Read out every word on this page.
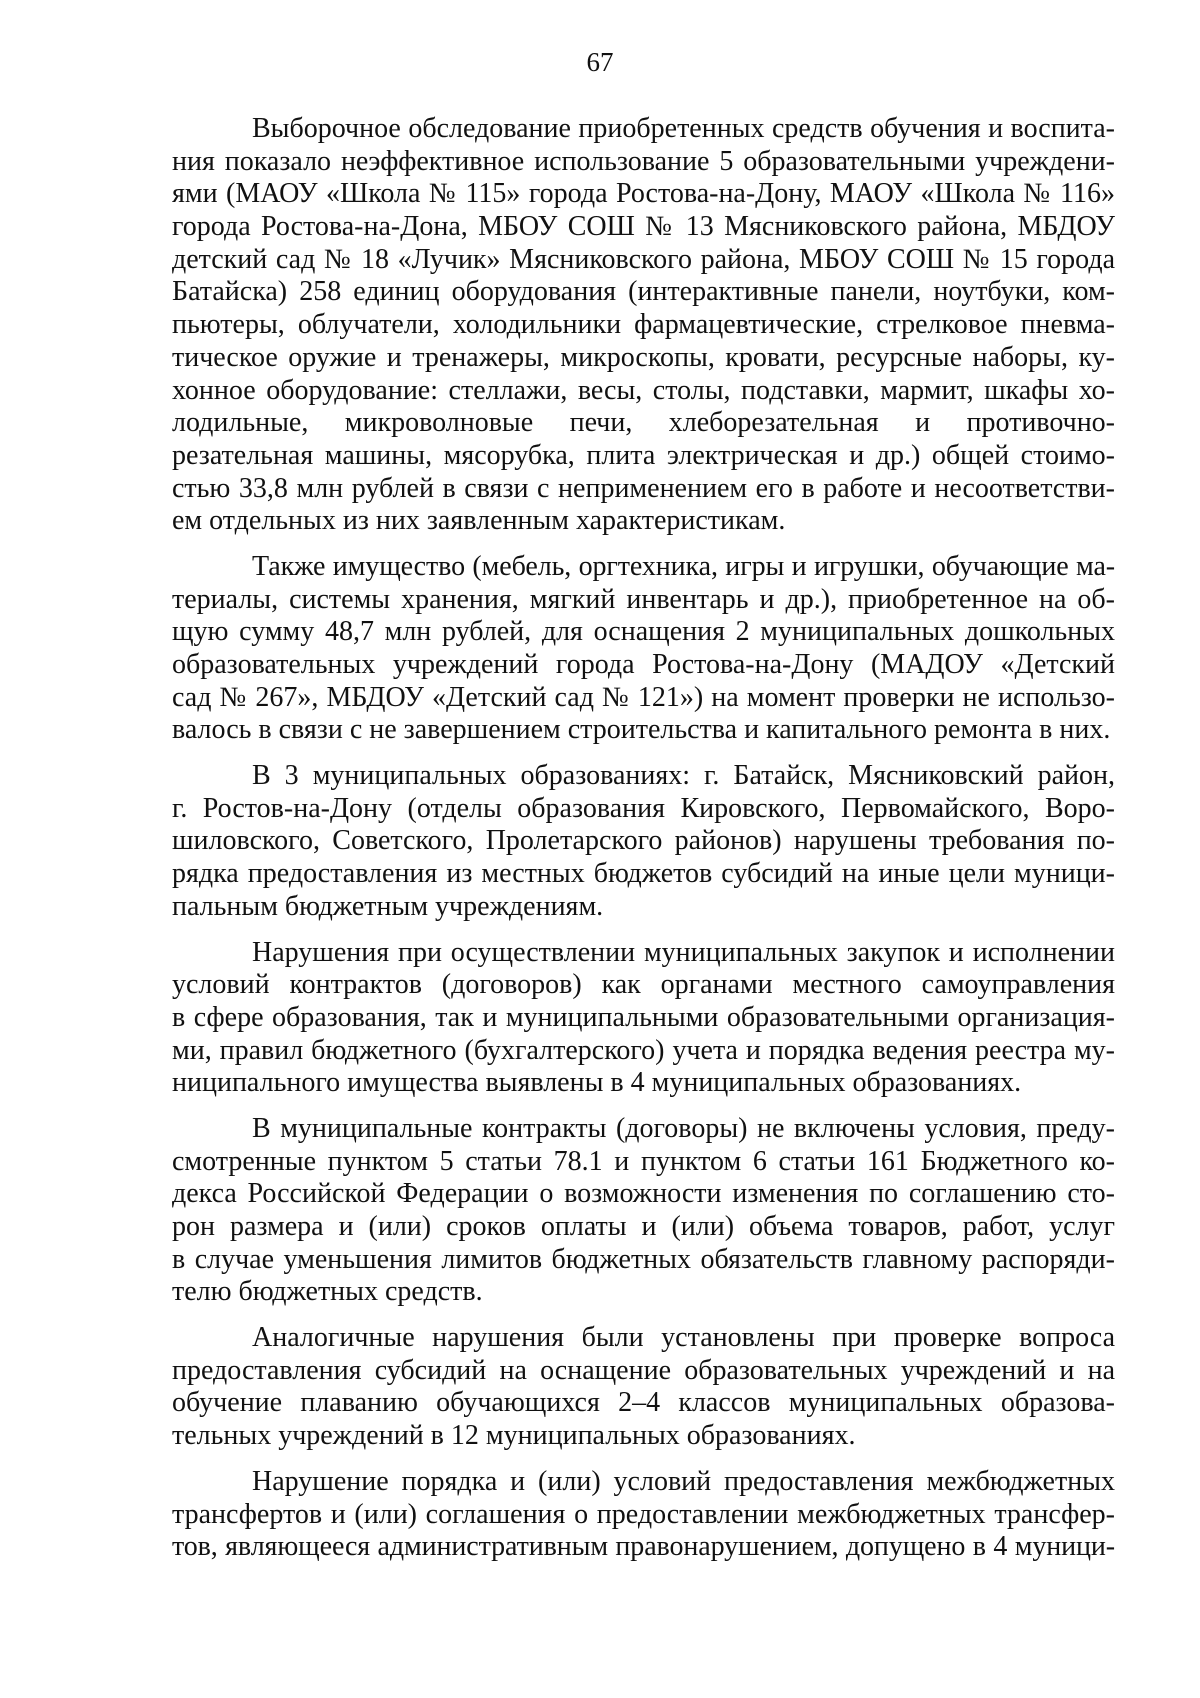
67
Выборочное обследование приобретенных средств обучения и воспита-
ния показало неэффективное использование 5 образовательными учреждени-
ями (МАОУ «Школа № 115» города Ростова-на-Дону, МАОУ «Школа № 116»
города Ростова-на-Дона, МБОУ СОШ № 13 Мясниковского района, МБДОУ
детский сад № 18 «Лучик» Мясниковского района, МБОУ СОШ № 15 города
Батайска) 258 единиц оборудования (интерактивные панели, ноутбуки, ком-
пьютеры, облучатели, холодильники фармацевтические, стрелковое пневма-
тическое оружие и тренажеры, микроскопы, кровати, ресурсные наборы, ку-
хонное оборудование: стеллажи, весы, столы, подставки, мармит, шкафы хо-
лодильные, микроволновые печи, хлеборезательная и противочно-
резательная машины, мясорубка, плита электрическая и др.) общей стоимо-
стью 33,8 млн рублей в связи с неприменением его в работе и несоответстви-
ем отдельных из них заявленным характеристикам.
Также имущество (мебель, оргтехника, игры и игрушки, обучающие ма-
териалы, системы хранения, мягкий инвентарь и др.), приобретенное на об-
щую сумму 48,7 млн рублей, для оснащения 2 муниципальных дошкольных
образовательных учреждений города Ростова-на-Дону (МАДОУ «Детский
сад № 267», МБДОУ «Детский сад № 121») на момент проверки не использо-
валось в связи с не завершением строительства и капитального ремонта в них.
В 3 муниципальных образованиях: г. Батайск, Мясниковский район,
г. Ростов-на-Дону (отделы образования Кировского, Первомайского, Воро-
шиловского, Советского, Пролетарского районов) нарушены требования по-
рядка предоставления из местных бюджетов субсидий на иные цели муници-
пальным бюджетным учреждениям.
Нарушения при осуществлении муниципальных закупок и исполнении
условий контрактов (договоров) как органами местного самоуправления
в сфере образования, так и муниципальными образовательными организация-
ми, правил бюджетного (бухгалтерского) учета и порядка ведения реестра му-
ниципального имущества выявлены в 4 муниципальных образованиях.
В муниципальные контракты (договоры) не включены условия, преду-
смотренные пунктом 5 статьи 78.1 и пунктом 6 статьи 161 Бюджетного ко-
декса Российской Федерации о возможности изменения по соглашению сто-
рон размера и (или) сроков оплаты и (или) объема товаров, работ, услуг
в случае уменьшения лимитов бюджетных обязательств главному распоряди-
телю бюджетных средств.
Аналогичные нарушения были установлены при проверке вопроса
предоставления субсидий на оснащение образовательных учреждений и на
обучение плаванию обучающихся 2–4 классов муниципальных образова-
тельных учреждений в 12 муниципальных образованиях.
Нарушение порядка и (или) условий предоставления межбюджетных
трансфертов и (или) соглашения о предоставлении межбюджетных трансфер-
тов, являющееся административным правонарушением, допущено в 4 муници-
